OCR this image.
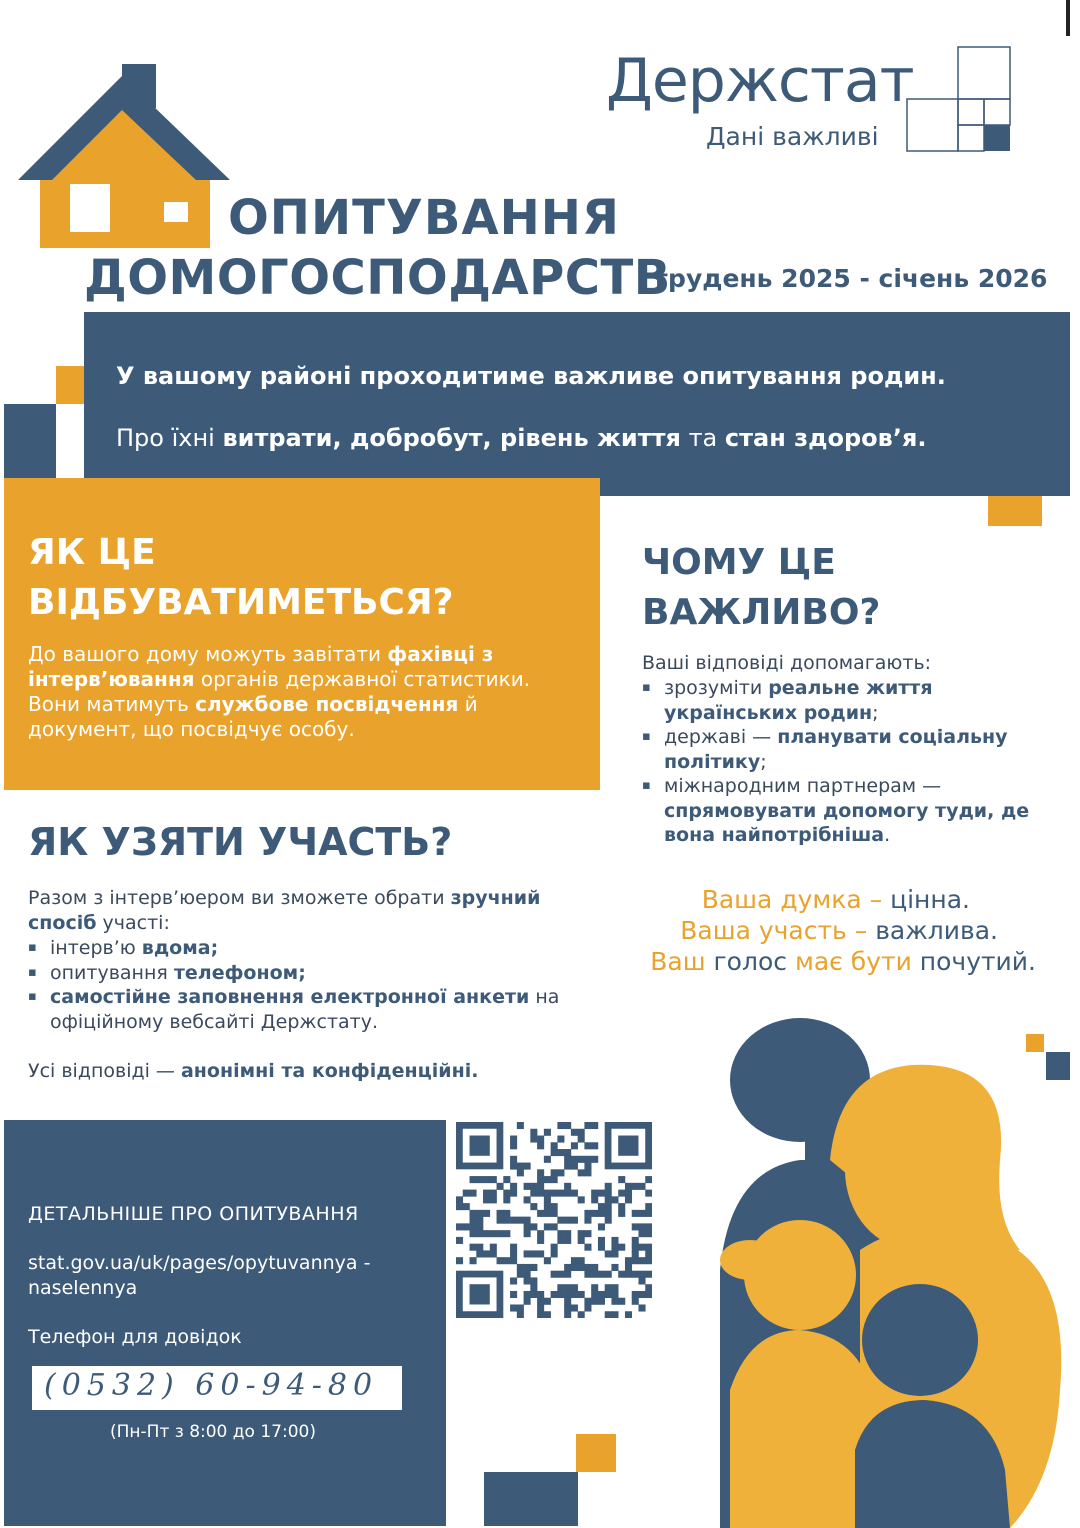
Держстат
Дані важливі
ОПИТУВАННЯ
ДОМОГОСПОДАРСТВ
грудень 2025 - січень 2026
У вашому районі проходитиме важливе опитування родин.
Про їхні витрати, добробут, рівень життя та стан здоров’я.
ЯК ЦЕ
ВІДБУВАТИМЕТЬСЯ?
До вашого дому можуть завітати фахівці з інтерв’ювання органів державної статистики. Вони матимуть службове посвідчення й документ, що посвідчує особу.
ЧОМУ ЦЕ
ВАЖЛИВО?
Ваші відповіді допомагають:
▪ зрозуміти реальне життя українських родин;
▪ державі — планувати соціальну політику;
▪ міжнародним партнерам — спрямовувати допомогу туди, де вона найпотрібніша.
Ваша думка – цінна.
Ваша участь – важлива.
Ваш голос має бути почутий.
ЯК УЗЯТИ УЧАСТЬ?
Разом з інтерв’юером ви зможете обрати зручний спосіб участі:
▪ інтерв’ю вдома;
▪ опитування телефоном;
▪ самостійне заповнення електронної анкети на офіційному вебсайті Держстату.
Усі відповіді — анонімні та конфіденційні.
ДЕТАЛЬНІШЕ ПРО ОПИТУВАННЯ
stat.gov.ua/uk/pages/opytuvannya -naselennya
Телефон для довідок
(0532) 60-94-80
(Пн-Пт з 8:00 до 17:00)
